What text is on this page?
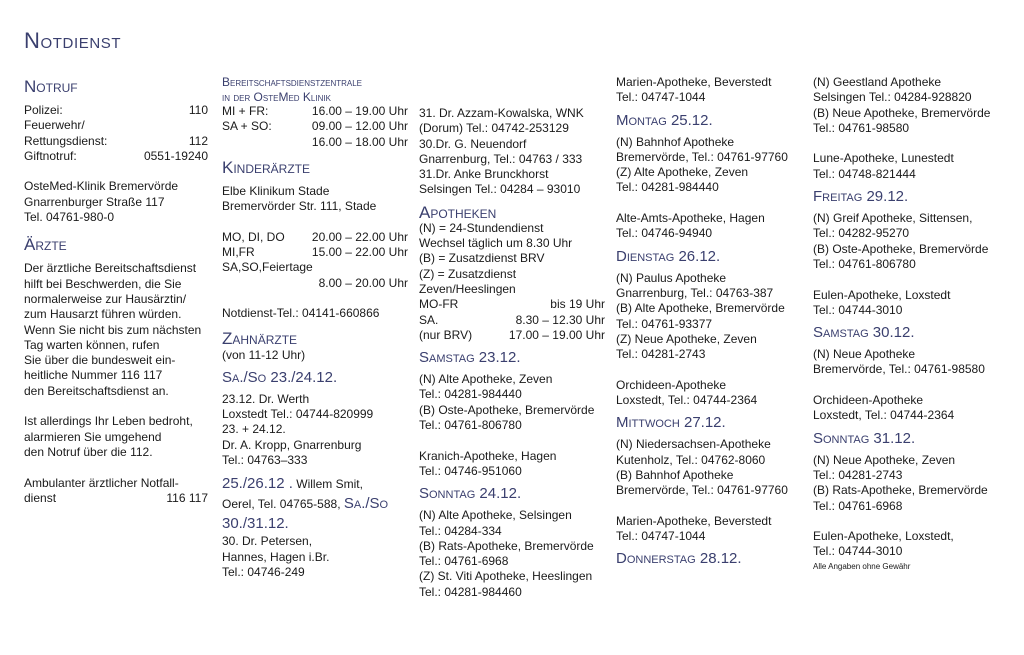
Notdienst
Notruf
Polizei:	110
Feuerwehr/
Rettungsdienst:	112
Giftnotruf:	0551-19240
OsteMed-Klinik Bremervörde
Gnarrenburger Straße 117
Tel. 04761-980-0
Ärzte
Der ärztliche Bereitschaftsdienst
hilft bei Beschwerden, die Sie
normalerweise zur Hausärztin/
zum Hausarzt führen würden.
Wenn Sie nicht bis zum nächsten
Tag warten können, rufen
Sie über die bundesweit ein-
heitliche Nummer 116 117
den Bereitschaftsdienst an.
Ist allerdings Ihr Leben bedroht,
alarmieren Sie umgehend
den Notruf über die 112.
Ambulanter ärztlicher Notfall-
dienst	116 117
Bereitschaftsdienstzentrale
in der OsteMed Klinik
MI + FR:	16.00 – 19.00 Uhr
SA + SO:	09.00 – 12.00 Uhr
16.00 – 18.00 Uhr
Kinderärzte
Elbe Klinikum Stade
Bremervörder Str. 111, Stade
MO, DI, DO	20.00 – 22.00 Uhr
MI,FR	15.00 – 22.00 Uhr
SA,SO,Feiertage
8.00 – 20.00 Uhr
Notdienst-Tel.: 04141-660866
Zahnärzte
(von 11-12 Uhr)
Sa./So 23./24.12.
23.12. Dr. Werth
Loxstedt Tel.: 04744-820999
23. + 24.12.
Dr. A. Kropp, Gnarrenburg
Tel.: 04763–333
25./26.12 . Willem Smit,
Oerel, Tel. 04765-588, Sa./So
30./31.12.
30. Dr. Petersen,
Hannes, Hagen i.Br.
Tel.: 04746-249
31. Dr. Azzam-Kowalska, WNK
(Dorum) Tel.: 04742-253129
30.Dr. G. Neuendorf
Gnarrenburg, Tel.: 04763 / 333
31.Dr. Anke Brunckhorst
Selsingen Tel.: 04284 – 93010
Apotheken
(N) = 24-Stundendienst
Wechsel täglich um 8.30 Uhr
(B) = Zusatzdienst BRV
(Z) = Zusatzdienst
Zeven/Heeslingen
MO-FR	bis 19 Uhr
SA.	8.30 – 12.30 Uhr
(nur BRV)	17.00 – 19.00 Uhr
Samstag 23.12.
(N) Alte Apotheke, Zeven
Tel.: 04281-984440
(B) Oste-Apotheke, Bremervörde
Tel.: 04761-806780
Kranich-Apotheke, Hagen
Tel.: 04746-951060
Sonntag 24.12.
(N) Alte Apotheke, Selsingen
Tel.: 04284-334
(B) Rats-Apotheke, Bremervörde
Tel.: 04761-6968
(Z) St. Viti Apotheke, Heeslingen
Tel.: 04281-984460
Marien-Apotheke, Beverstedt
Tel.: 04747-1044
Montag 25.12.
(N) Bahnhof Apotheke
Bremervörde, Tel.: 04761-97760
(Z) Alte Apotheke, Zeven
Tel.: 04281-984440
Alte-Amts-Apotheke, Hagen
Tel.: 04746-94940
Dienstag 26.12.
(N) Paulus Apotheke
Gnarrenburg, Tel.: 04763-387
(B) Alte Apotheke, Bremervörde
Tel.: 04761-93377
(Z) Neue Apotheke, Zeven
Tel.: 04281-2743
Orchideen-Apotheke
Loxstedt, Tel.: 04744-2364
Mittwoch 27.12.
(N) Niedersachsen-Apotheke
Kutenholz, Tel.: 04762-8060
(B) Bahnhof Apotheke
Bremervörde, Tel.: 04761-97760
Marien-Apotheke, Beverstedt
Tel.: 04747-1044
Donnerstag 28.12.
(N) Geestland Apotheke
Selsingen Tel.: 04284-928820
(B) Neue Apotheke, Bremervörde
Tel.: 04761-98580
Lune-Apotheke, Lunestedt
Tel.: 04748-821444
Freitag 29.12.
(N) Greif Apotheke, Sittensen,
Tel.: 04282-95270
(B) Oste-Apotheke, Bremervörde
Tel.: 04761-806780
Eulen-Apotheke, Loxstedt
Tel.: 04744-3010
Samstag 30.12.
(N) Neue Apotheke
Bremervörde, Tel.: 04761-98580
Orchideen-Apotheke
Loxstedt, Tel.: 04744-2364
Sonntag 31.12.
(N) Neue Apotheke, Zeven
Tel.: 04281-2743
(B) Rats-Apotheke, Bremervörde
Tel.: 04761-6968
Eulen-Apotheke, Loxstedt,
Tel.: 04744-3010
Alle Angaben ohne Gewähr
